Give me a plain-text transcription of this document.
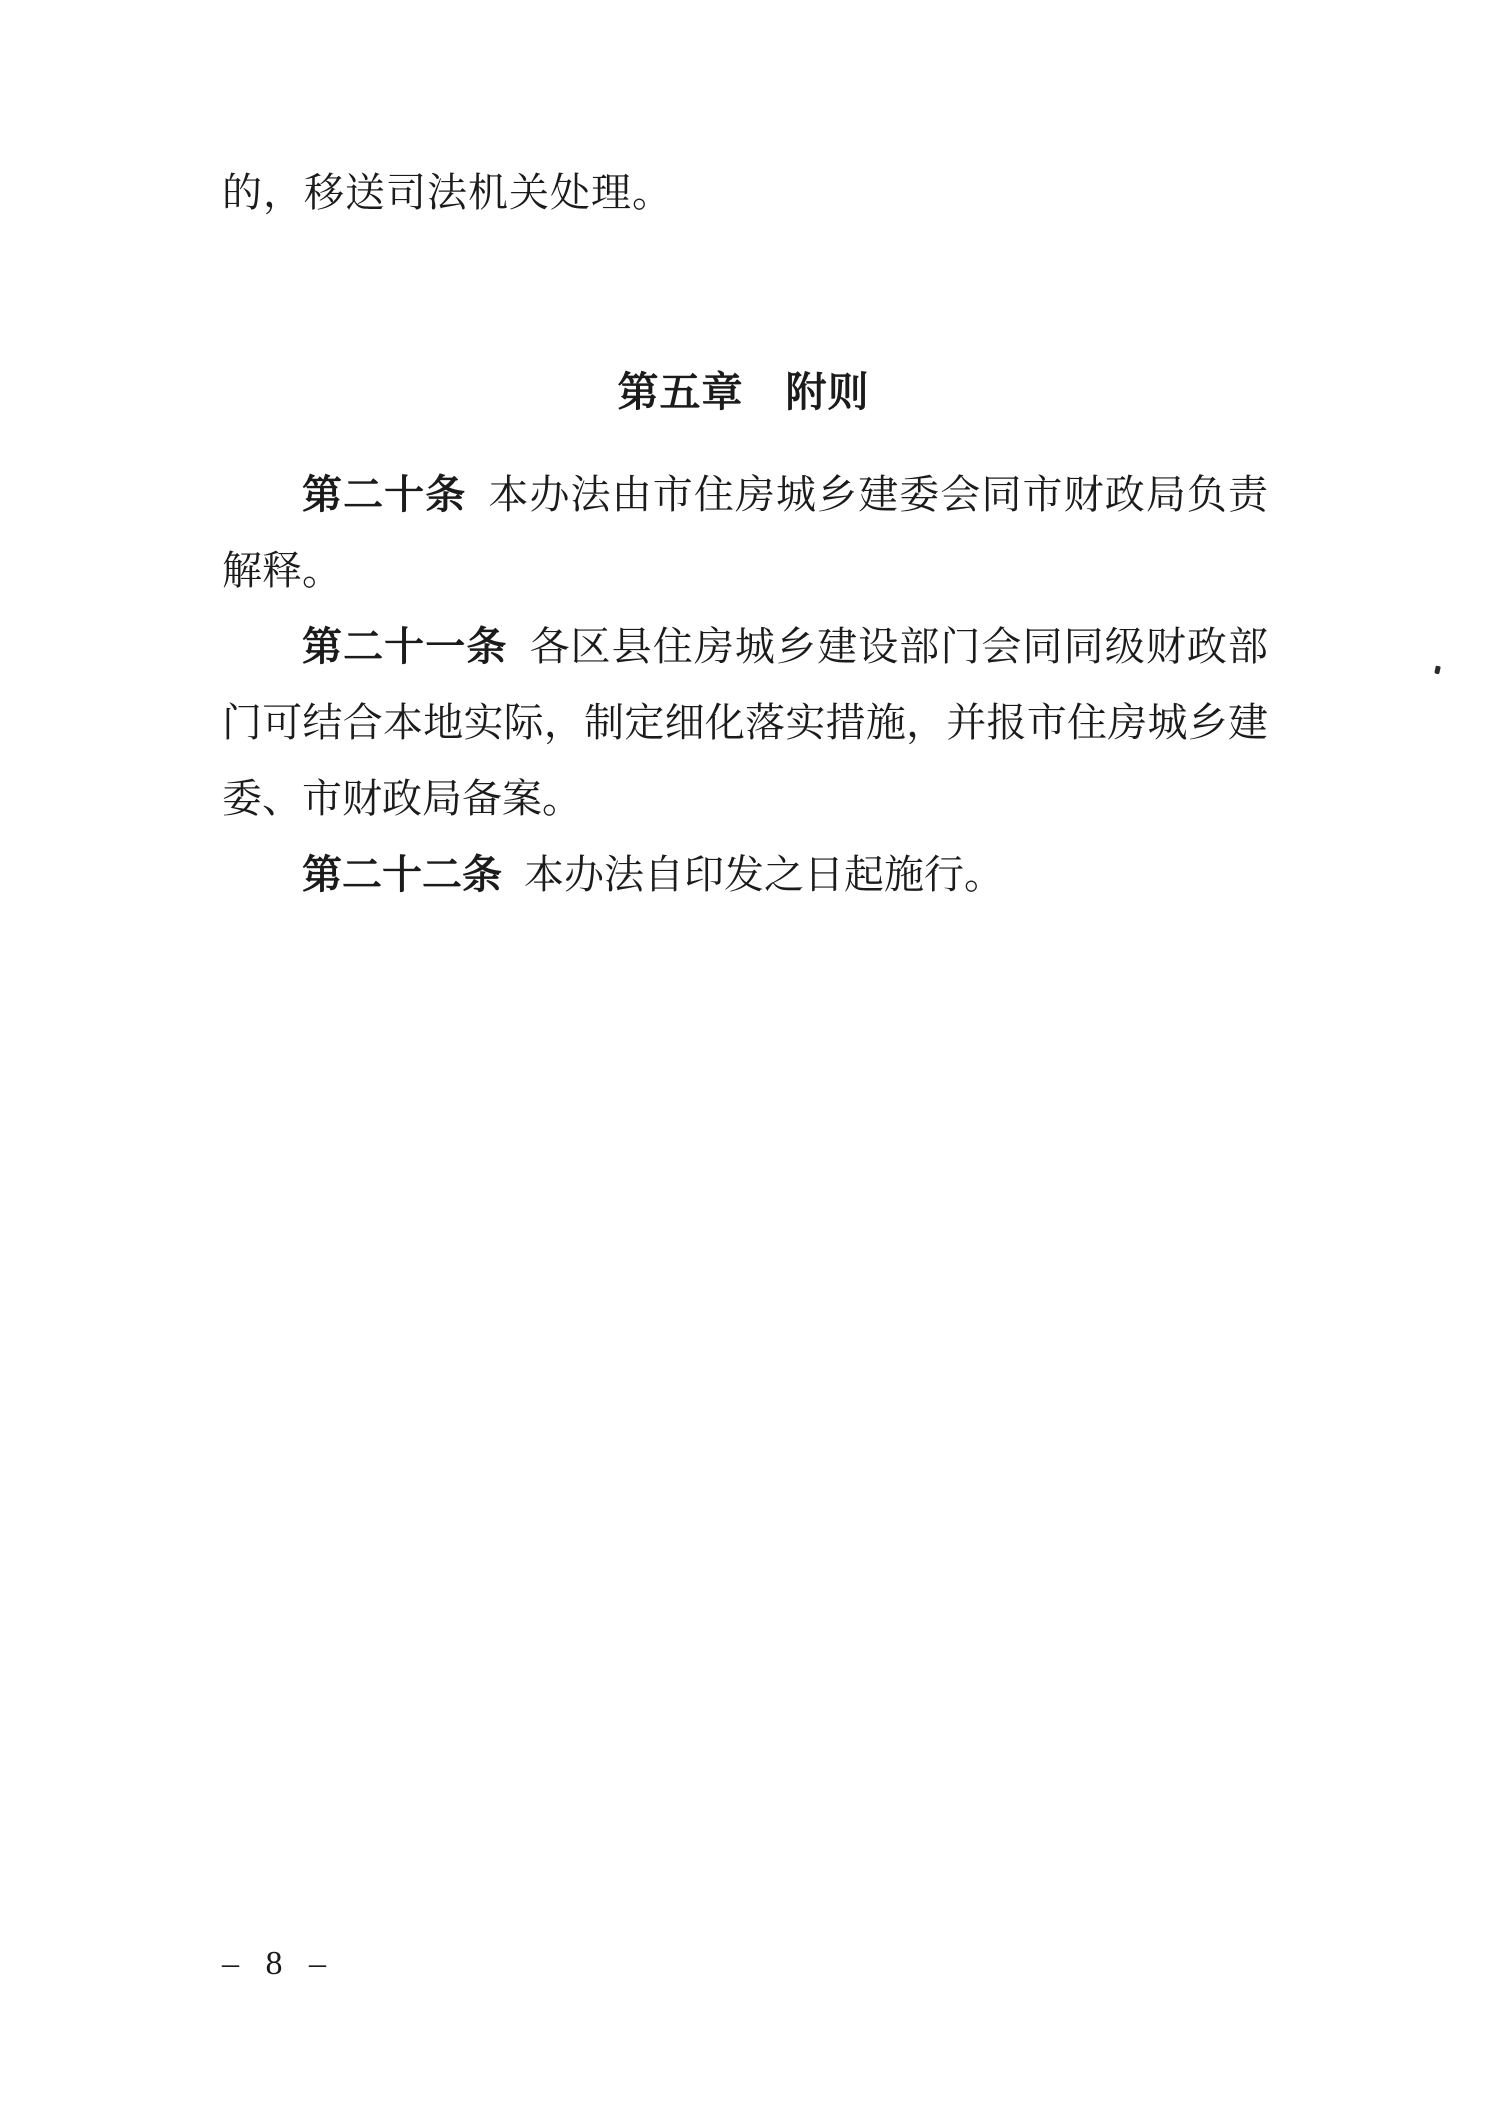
的，移送司法机关处理。
第五章　附则

第二十条 本办法由市住房城乡建委会同市财政局负责解释。

第二十一条 各区县住房城乡建设部门会同同级财政部门可结合本地实际，制定细化落实措施，并报市住房城乡建委、市财政局备案。

第二十二条 本办法自印发之日起施行。

– 8 –
